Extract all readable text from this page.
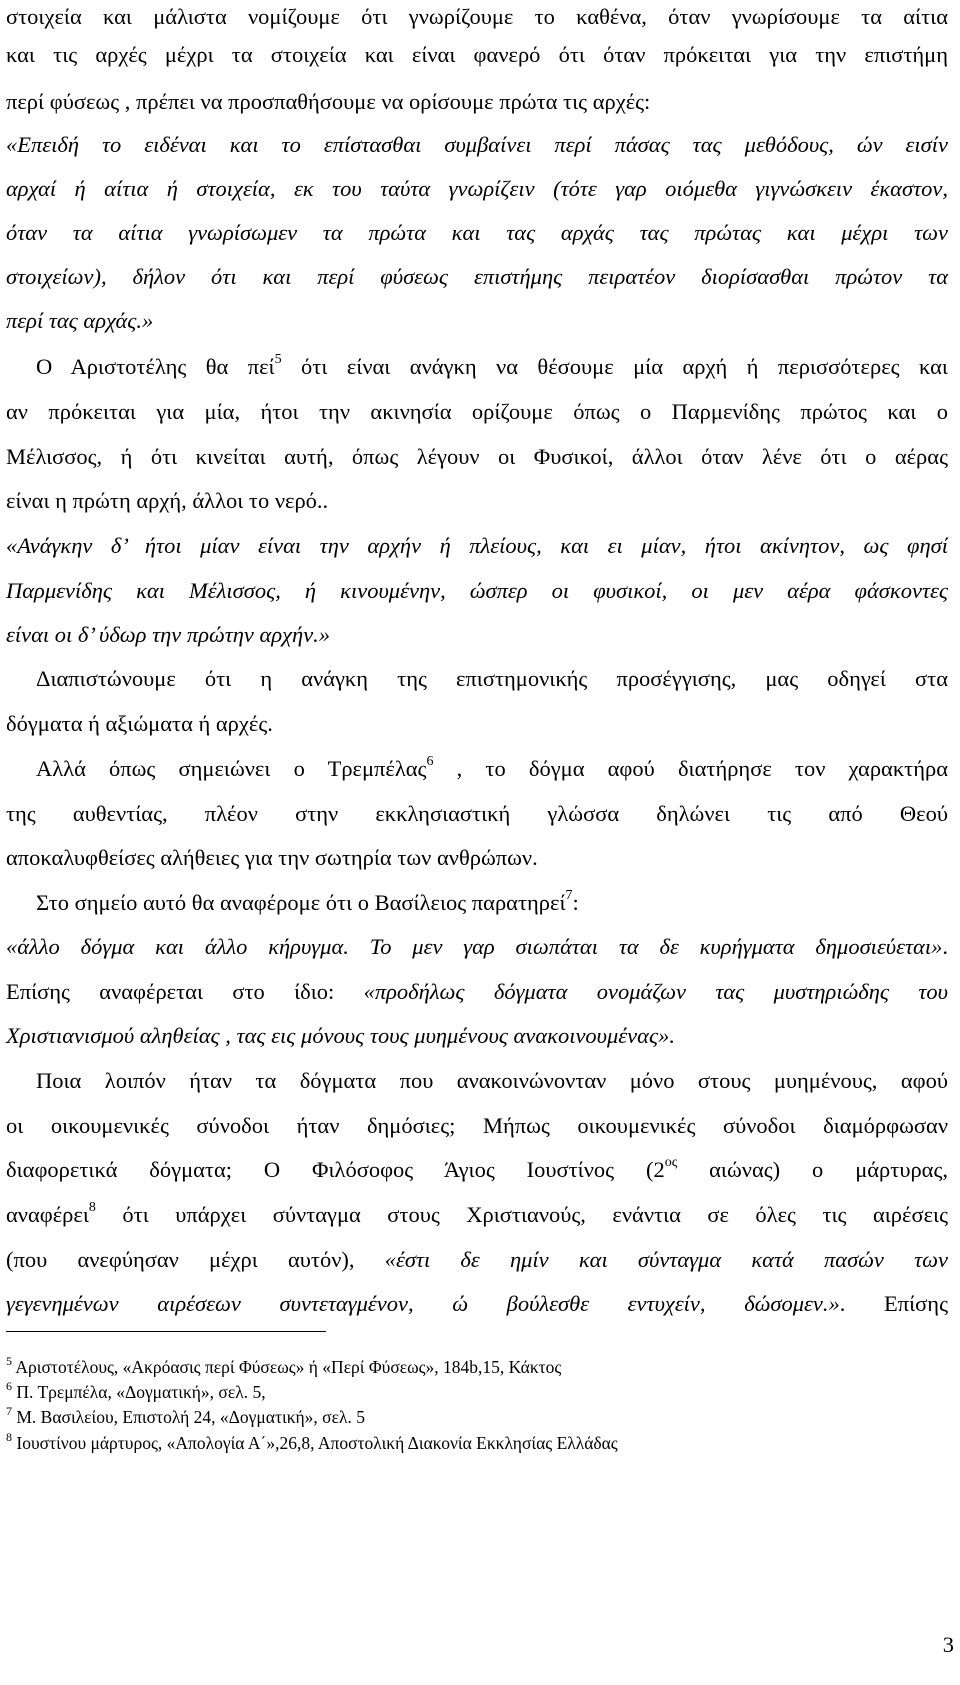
στοιχεία και μάλιστα νομίζουμε ότι γνωρίζουμε το καθένα, όταν γνωρίσουμε τα αίτια
και τις αρχές μέχρι τα στοιχεία και είναι φανερό ότι όταν πρόκειται για την επιστήμη
περί φύσεως , πρέπει να προσπαθήσουμε να ορίσουμε πρώτα τις αρχές:
«Επειδή το ειδέναι και το επίστασθαι συμβαίνει περί πάσας τας μεθόδους, ών εισίν
αρχαί ή αίτια ή στοιχεία, εκ του ταύτα γνωρίζειν (τότε γαρ οιόμεθα γιγνώσκειν έκαστον,
όταν τα αίτια γνωρίσωμεν τα πρώτα και τας αρχάς τας πρώτας και μέχρι των
στοιχείων), δήλον ότι και περί φύσεως επιστήμης πειρατέον διορίσασθαι πρώτον τα
περί τας αρχάς.»
Ο Αριστοτέλης θα πεί$^5$ ότι είναι ανάγκη να θέσουμε μία αρχή ή περισσότερες και
αν πρόκειται για μία, ήτοι την ακινησία ορίζουμε όπως ο Παρμενίδης πρώτος και ο
Μέλισσος, ή ότι κινείται αυτή, όπως λέγουν οι Φυσικοί, άλλοι όταν λένε ότι ο αέρας
είναι η πρώτη αρχή, άλλοι το νερό..
«Ανάγκην δ’ ήτοι μίαν είναι την αρχήν ή πλείους, και ει μίαν, ήτοι ακίνητον, ως φησί
Παρμενίδης και Μέλισσος, ή κινουμένην, ώσπερ οι φυσικοί, οι μεν αέρα φάσκοντες
είναι οι δ’ ύδωρ την πρώτην αρχήν.»
Διαπιστώνουμε ότι η ανάγκη της επιστημονικής προσέγγισης, μας οδηγεί στα
δόγματα ή αξιώματα ή αρχές.
Αλλά όπως σημειώνει ο Τρεμπέλας$^6$ , το δόγμα αφού διατήρησε τον χαρακτήρα
της αυθεντίας, πλέον στην εκκλησιαστική γλώσσα δηλώνει τις από Θεού
αποκαλυφθείσες αλήθειες για την σωτηρία των ανθρώπων.
Στο σημείο αυτό θα αναφέρομε ότι ο Βασίλειος παρατηρεί$^7$:
«άλλο δόγμα και άλλο κήρυγμα. Το μεν γαρ σιωπάται τα δε κυρήγματα δημοσιεύεται».
Επίσης αναφέρεται στο ίδιο: «προδήλως δόγματα ονομάζων τας μυστηριώδης του
Χριστιανισμού αληθείας , τας εις μόνους τους μυημένους ανακοινουμένας».
Ποια λοιπόν ήταν τα δόγματα που ανακοινώνονταν μόνο στους μυημένους, αφού
οι οικουμενικές σύνοδοι ήταν δημόσιες; Μήπως οικουμενικές σύνοδοι διαμόρφωσαν
διαφορετικά δόγματα; Ο Φιλόσοφος Άγιος Ιουστίνος ($2^{o\varsigma}$ αιώνας) ο μάρτυρας,
αναφέρει$^8$ ότι υπάρχει σύνταγμα στους Χριστιανούς, ενάντια σε όλες τις αιρέσεις
(που ανεφύησαν μέχρι αυτόν), «έστι δε ημίν και σύνταγμα κατά πασών των
γεγενημένων αιρέσεων συντεταγμένον, ώ βούλεσθε εντυχείν, δώσομεν.». Επίσης
$^5$ Αριστοτέλους, «Ακρόασις περί Φύσεως» ή «Περί Φύσεως», 184b,15, Κάκτος
$^6$ Π. Τρεμπέλα, «Δογματική», σελ. 5,
$^7$ Μ. Βασιλείου, Επιστολή 24, «Δογματική», σελ. 5
$^8$ Ιουστίνου μάρτυρος, «Απολογία Α΄»,26,8, Αποστολική Διακονία Εκκλησίας Ελλάδας
3
